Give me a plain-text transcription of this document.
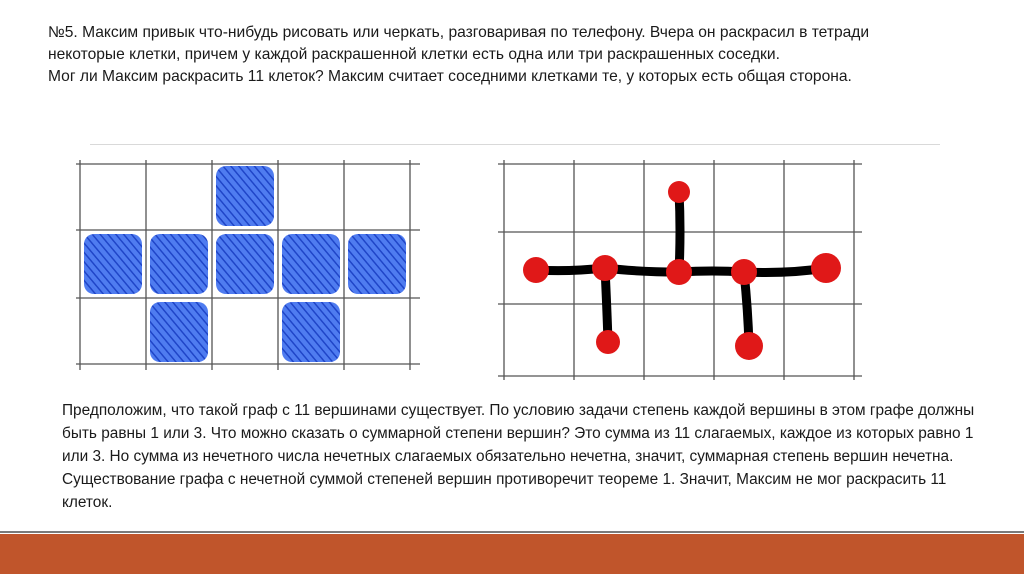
№5. Максим привык что-нибудь рисовать или черкать, разговаривая по телефону. Вчера он раскрасил в тетради

некоторые клетки, причем у каждой раскрашенной клетки есть одна или три раскрашенных соседки.

Мог ли Максим раскрасить 11 клеток? Максим считает соседними клетками те, у которых есть общая сторона.

Предположим, что такой граф с 11 вершинами существует. По условию задачи степень каждой вершины в этом графе должны быть равны 1 или 3. Что можно сказать о суммарной степени вершин? Это сумма из 11 слагаемых, каждое из которых равно 1 или 3. Но сумма из нечетного числа нечетных слагаемых обязательно нечетна, значит, суммарная степень вершин нечетна. Существование графа с нечетной суммой степеней вершин противоречит теореме 1. Значит, Максим не мог раскрасить 11 клеток.
